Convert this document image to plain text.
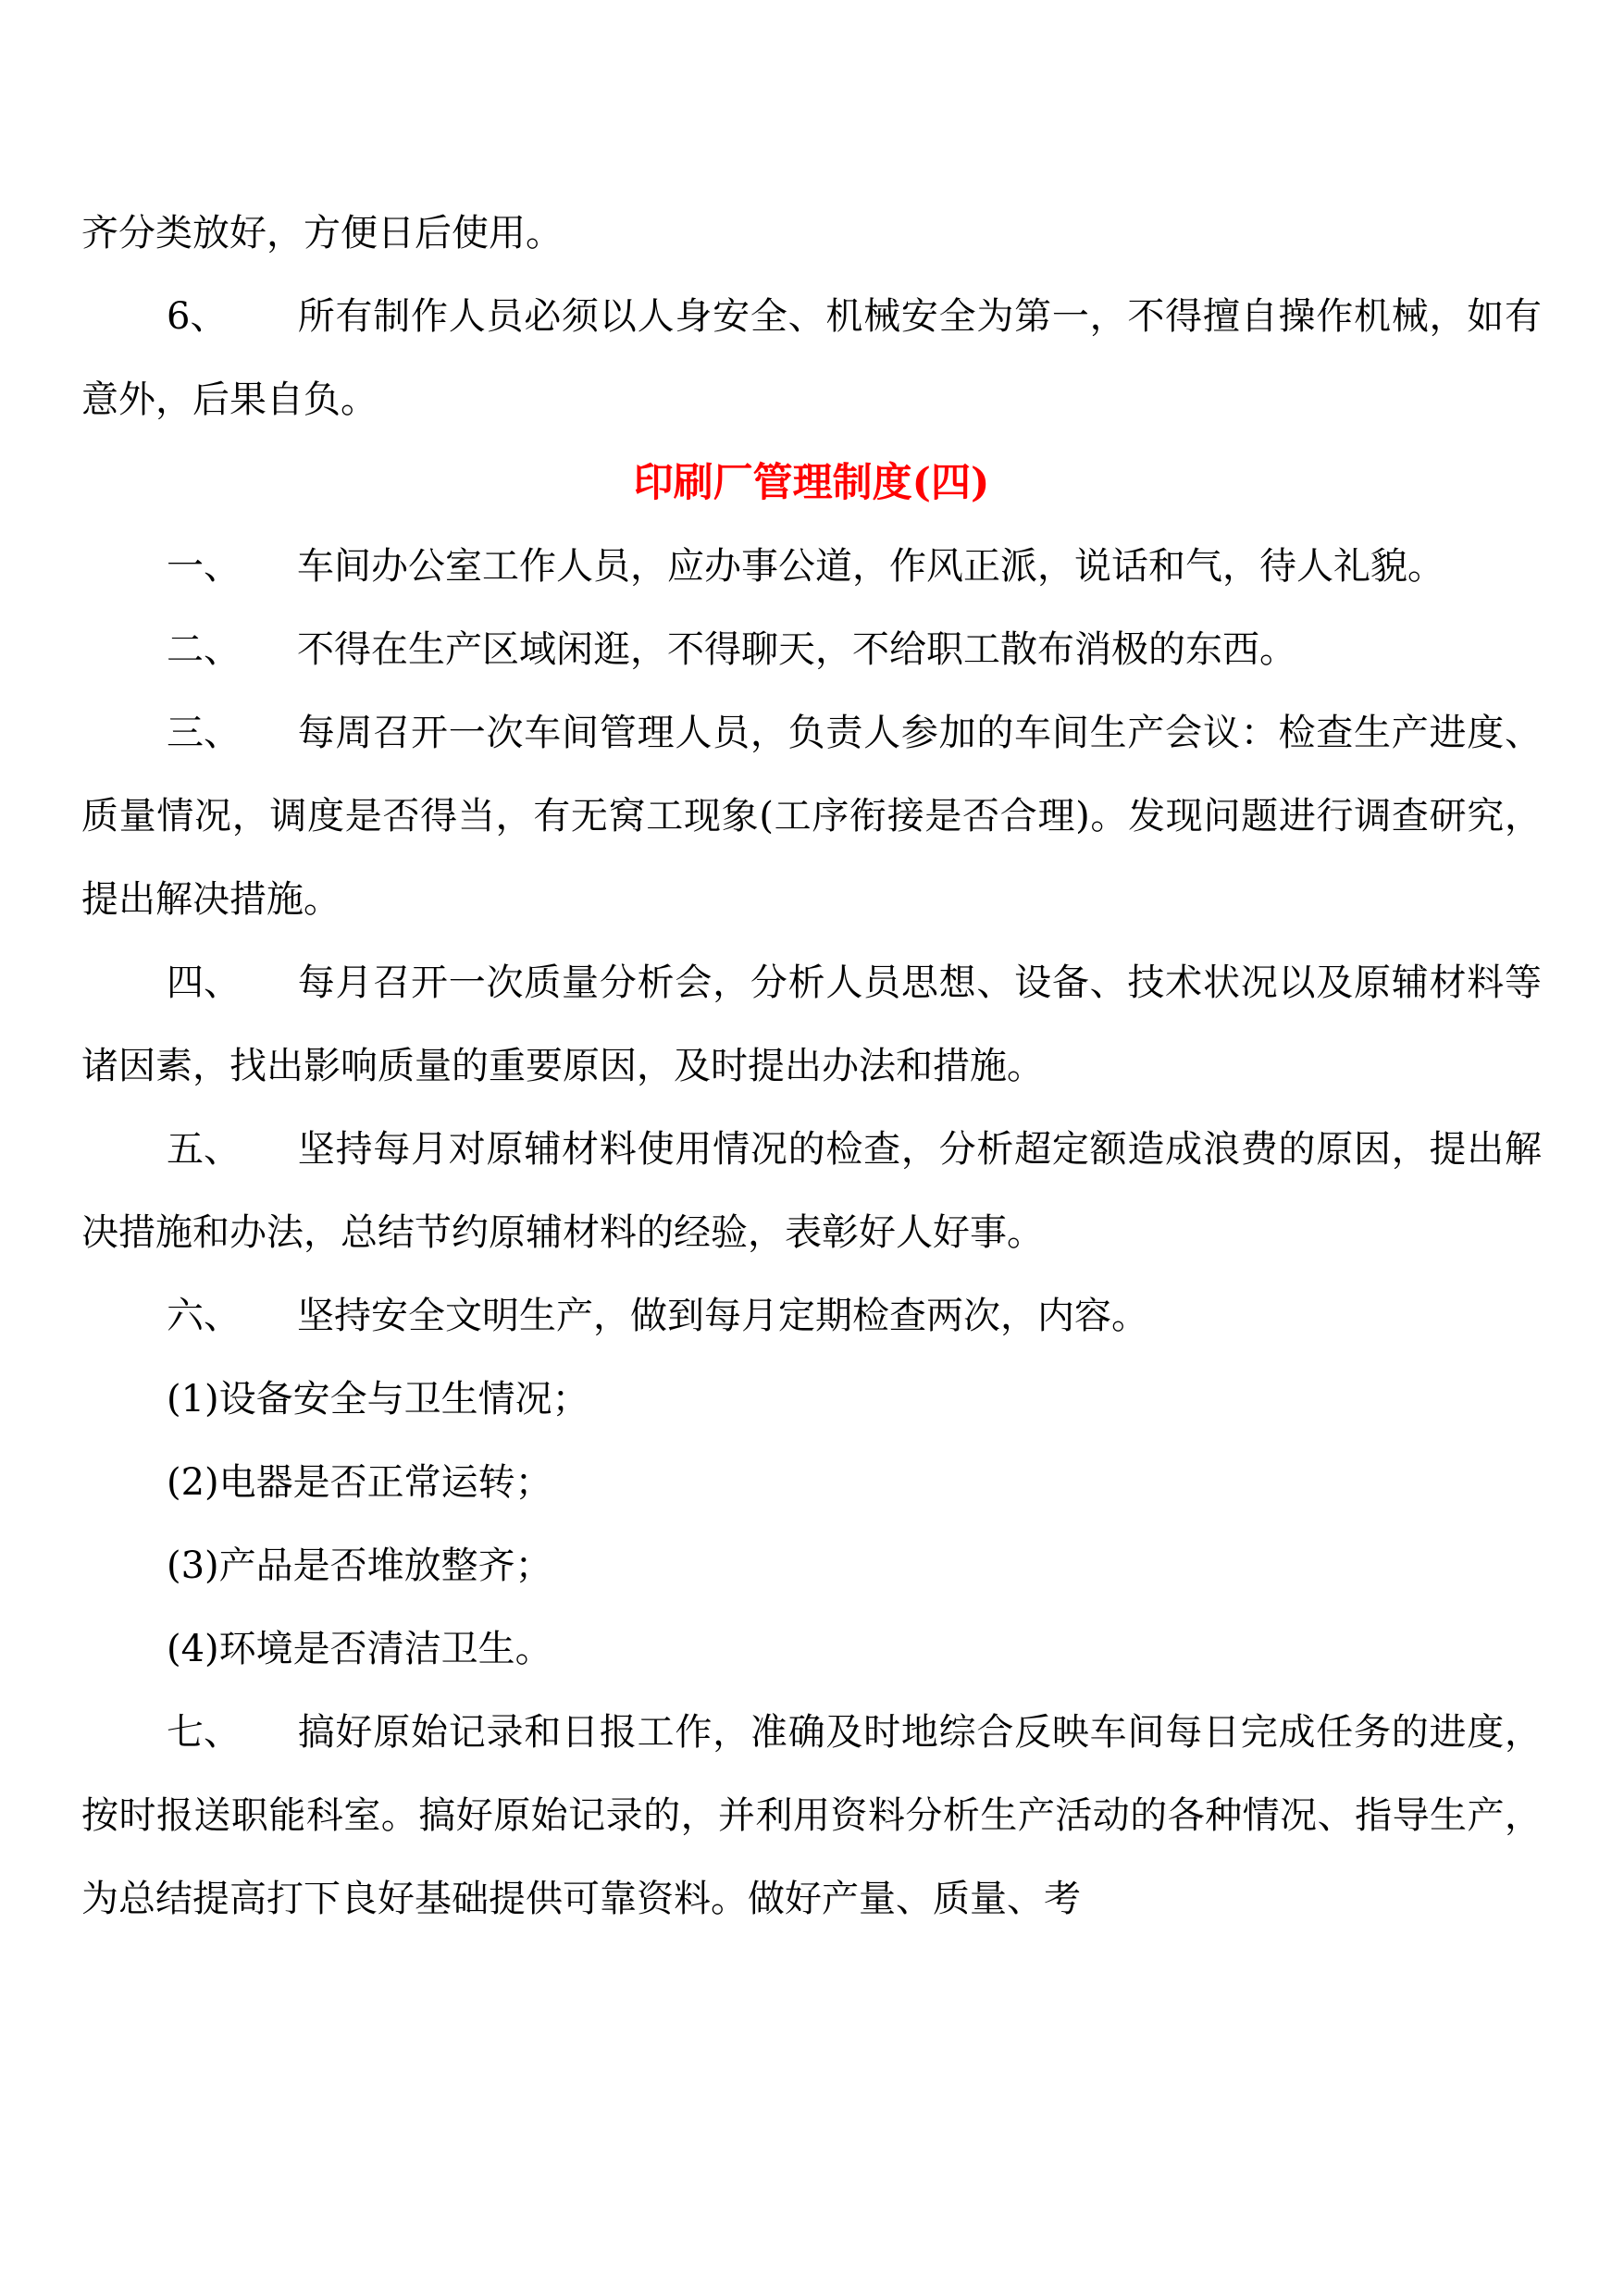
齐分类放好，方便日后使用。

6、 所有制作人员必须以人身安全、机械安全为第一，不得擅自操作机械，如有意外，后果自负。

印刷厂管理制度(四)

一、 车间办公室工作人员，应办事公道，作风正派，说话和气，待人礼貌。

二、 不得在生产区域闲逛，不得聊天，不给职工散布消极的东西。

三、 每周召开一次车间管理人员，负责人参加的车间生产会议：检查生产进度、质量情况，调度是否得当，有无窝工现象(工序衔接是否合理)。发现问题进行调查研究，提出解决措施。

四、 每月召开一次质量分析会，分析人员思想、设备、技术状况以及原辅材料等诸因素，找出影响质量的重要原因，及时提出办法和措施。

五、 坚持每月对原辅材料使用情况的检查，分析超定额造成浪费的原因，提出解决措施和办法，总结节约原辅材料的经验，表彰好人好事。

六、 坚持安全文明生产，做到每月定期检查两次，内容。

(1)设备安全与卫生情况；

(2)电器是否正常运转；

(3)产品是否堆放整齐；

(4)环境是否清洁卫生。

七、 搞好原始记录和日报工作，准确及时地综合反映车间每日完成任务的进度，按时报送职能科室。搞好原始记录的，并利用资料分析生产活动的各种情况、指导生产，为总结提高打下良好基础提供可靠资料。做好产量、质量、考
